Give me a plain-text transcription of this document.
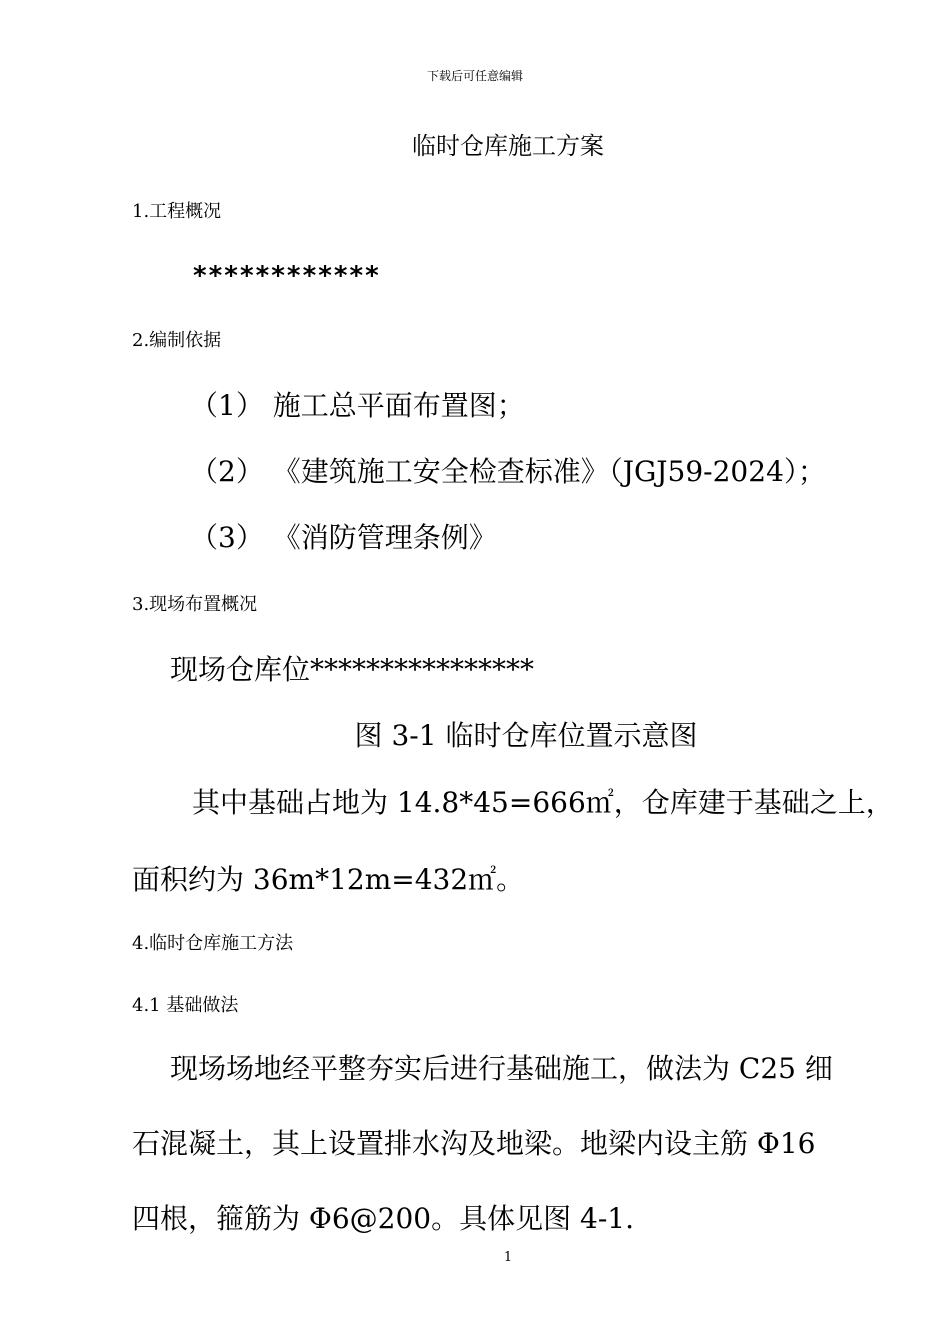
下载后可任意编辑
临时仓库施工方案
1.工程概况
************
2.编制依据
（1） 施工总平面布置图；
（2） 《建筑施工安全检查标准》（JGJ59-2024）；
（3） 《消防管理条例》
3.现场布置概况
现场仓库位****************
图 3-1 临时仓库位置示意图
其中基础占地为 14.8*45=666㎡，仓库建于基础之上，
面积约为 36m*12m=432㎡。
4.临时仓库施工方法
4.1 基础做法
现场场地经平整夯实后进行基础施工，做法为 C25 细
石混凝土，其上设置排水沟及地梁。地梁内设主筋 Φ16
四根，箍筋为 Φ6@200。具体见图 4-1.
1
